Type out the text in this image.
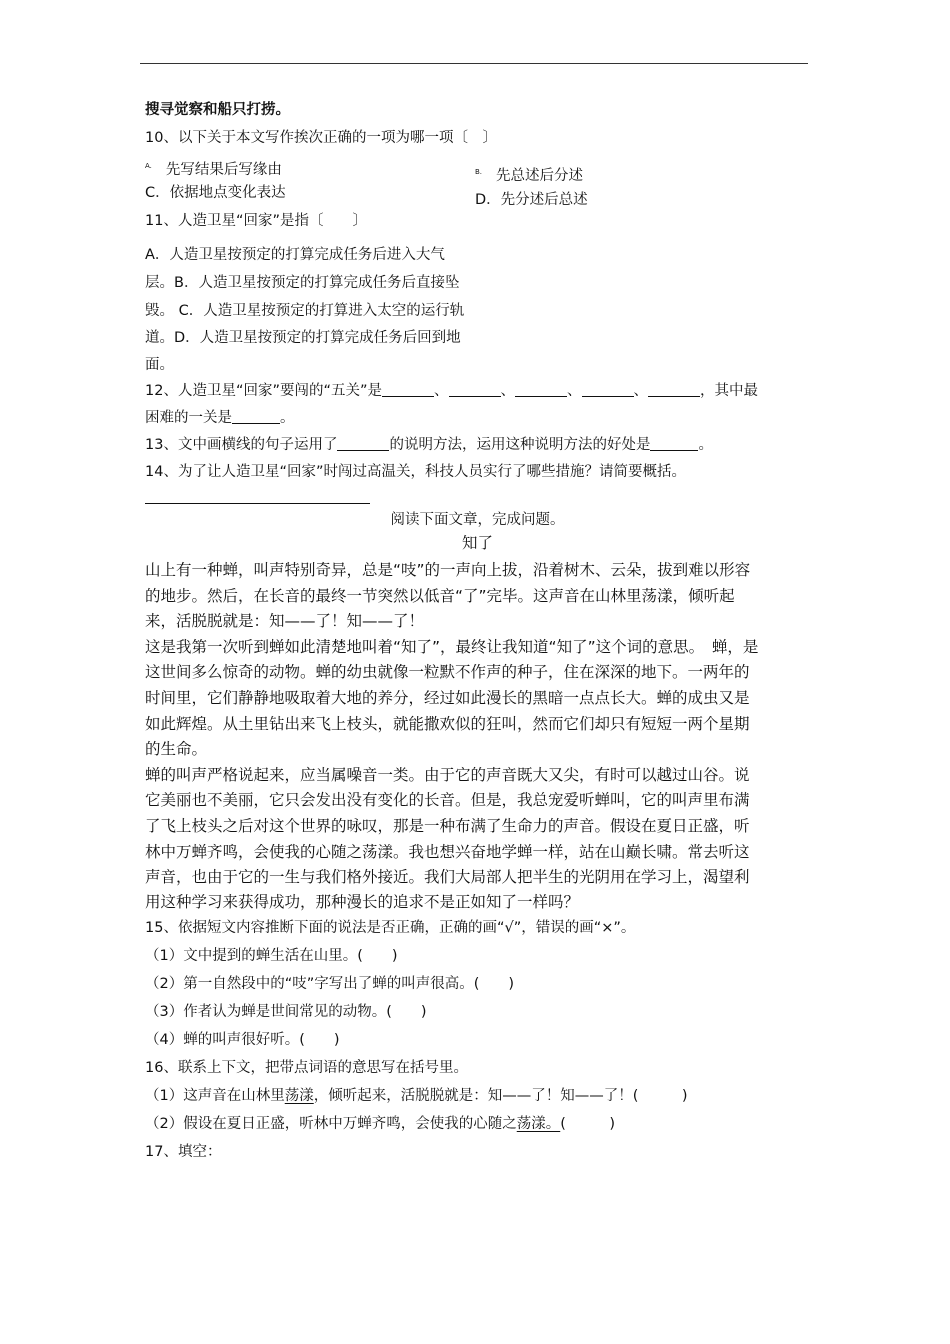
搜寻觉察和船只打捞。
10、以下关于本文写作挨次正确的一项为哪一项〔　〕
$^{A.}$ 先写结果后写缘由	$^{B.}$ 先总述后分述
C．依据地点变化表达	D．先分述后总述
11、人造卫星“回家”是指〔　　〕
A．人造卫星按预定的打算完成任务后进入大气
层。B．人造卫星按预定的打算完成任务后直接坠
毁。 C．人造卫星按预定的打算进入太空的运行轨
道。D．人造卫星按预定的打算完成任务后回到地
面。
12、人造卫星“回家”要闯的“五关”是	、	、	、	、	，其中最
困难的一关是	。
13、文中画横线的句子运用了	的说明方法，运用这种说明方法的好处是	。
14、为了让人造卫星“回家”时闯过高温关，科技人员实行了哪些措施？请简要概括。
阅读下面文章，完成问题。
知了
山上有一种蝉，叫声特别奇异，总是“吱”的一声向上拔，沿着树木、云朵，拔到难以形容
的地步。然后，在长音的最终一节突然以低音“了”完毕。这声音在山林里荡漾，倾听起
来，活脱脱就是：知——了！知——了！
这是我第一次听到蝉如此清楚地叫着“知了”，最终让我知道“知了”这个词的意思。　蝉，是
这世间多么惊奇的动物。蝉的幼虫就像一粒默不作声的种子，住在深深的地下。一两年的
时间里，它们静静地吸取着大地的养分，经过如此漫长的黑暗一点点长大。蝉的成虫又是
如此辉煌。从土里钻出来飞上枝头，就能撒欢似的狂叫，然而它们却只有短短一两个星期
的生命。
蝉的叫声严格说起来，应当属噪音一类。由于它的声音既大又尖，有时可以越过山谷。说
它美丽也不美丽，它只会发出没有变化的长音。但是，我总宠爱听蝉叫，它的叫声里布满
了飞上枝头之后对这个世界的咏叹，那是一种布满了生命力的声音。假设在夏日正盛，听
林中万蝉齐鸣，会使我的心随之荡漾。我也想兴奋地学蝉一样，站在山巅长啸。常去听这
声音，也由于它的一生与我们格外接近。我们大局部人把半生的光阴用在学习上，渴望利
用这种学习来获得成功，那种漫长的追求不是正如知了一样吗？
15、依据短文内容推断下面的说法是否正确，正确的画“√”，错误的画“×”。
（1）文中提到的蝉生活在山里。(　　)
（2）第一自然段中的“吱”字写出了蝉的叫声很高。(　　)
（3）作者认为蝉是世间常见的动物。(　　)
（4）蝉的叫声很好听。(　　)
16、联系上下文，把带点词语的意思写在括号里。
（1）这声音在山林里荡漾，倾听起来，活脱脱就是：知——了！知——了！(　　　)
（2）假设在夏日正盛，听林中万蝉齐鸣，会使我的心随之荡漾。(　　　)
17、填空：
